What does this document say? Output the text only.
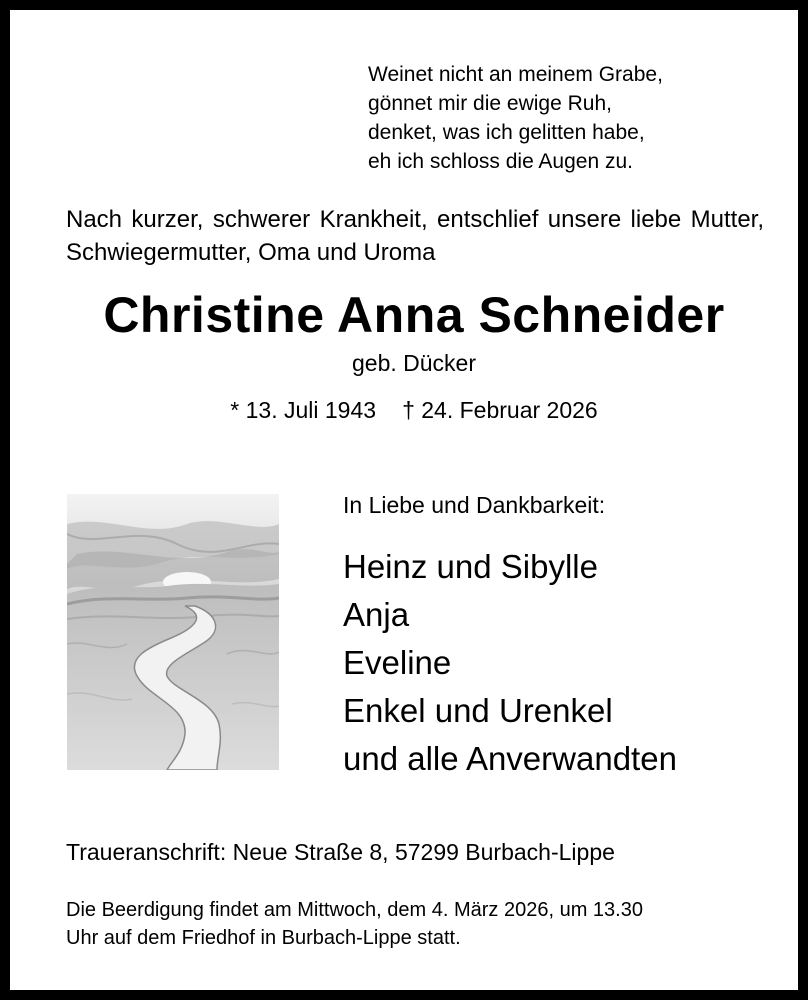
Weinet nicht an meinem Grabe,
gönnet mir die ewige Ruh,
denket, was ich gelitten habe,
eh ich schloss die Augen zu.
Nach kurzer, schwerer Krankheit, entschlief unsere liebe Mutter, Schwiegermutter, Oma und Uroma
Christine Anna Schneider
geb. Dücker
* 13. Juli 1943 † 24. Februar 2026
In Liebe und Dankbarkeit:
Heinz und Sibylle
Anja
Eveline
Enkel und Urenkel
und alle Anverwandten
Traueranschrift: Neue Straße 8, 57299 Burbach-Lippe
Die Beerdigung findet am Mittwoch, dem 4. März 2026, um 13.30
Uhr auf dem Friedhof in Burbach-Lippe statt.
